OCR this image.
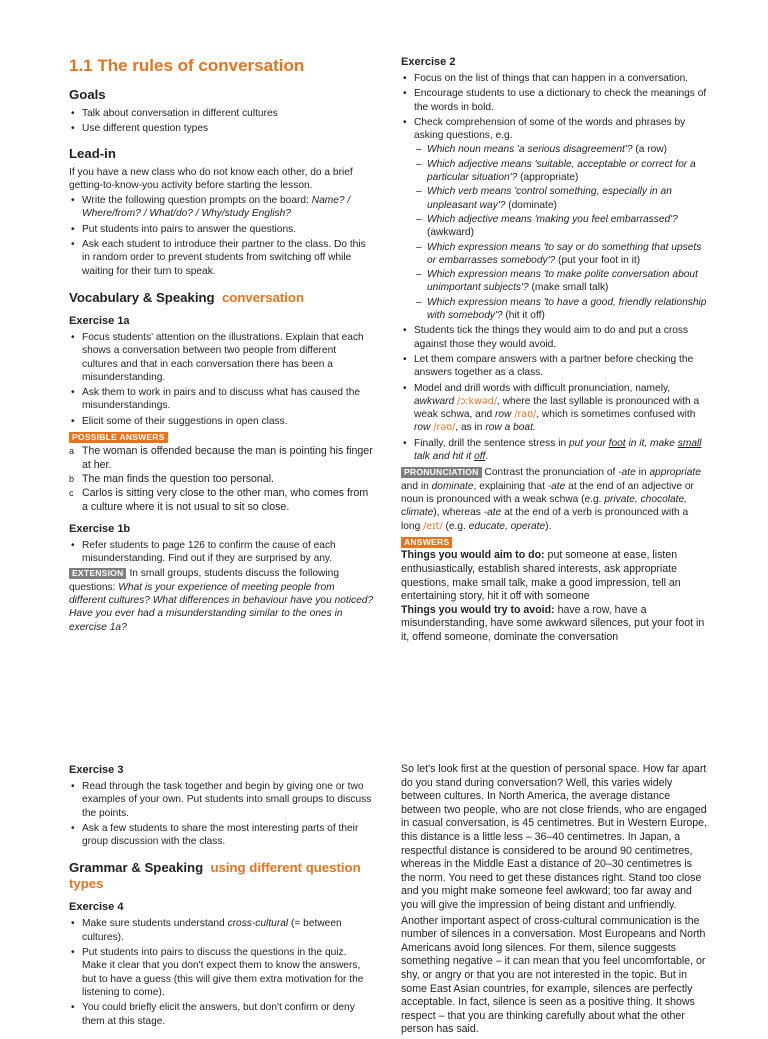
1.1 The rules of conversation
Goals
• Talk about conversation in different cultures
• Use different question types
Lead-in

If you have a new class who do not know each other, do a brief getting-to-know-you activity before starting the lesson.

• Write the following question prompts on the board: Name? / Where/from? / What/do? / Why/study English?
• Put students into pairs to answer the questions.
• Ask each student to introduce their partner to the class. Do this in random order to prevent students from switching off while waiting for their turn to speak.
Vocabulary & Speaking conversation
Exercise 1a
• Focus students' attention on the illustrations. Explain that each shows a conversation between two people from different cultures and that in each conversation there has been a misunderstanding.
• Ask them to work in pairs and to discuss what has caused the misunderstandings.
• Elicit some of their suggestions in open class.
POSSIBLE ANSWERS
a The woman is offended because the man is pointing his finger at her.
b The man finds the question too personal.
c Carlos is sitting very close to the other man, who comes from a culture where it is not usual to sit so close.
Exercise 1b
• Refer students to page 126 to confirm the cause of each misunderstanding. Find out if they are surprised by any.

EXTENSION In small groups, students discuss the following questions: What is your experience of meeting people from different cultures? What differences in behaviour have you noticed? Have you ever had a misunderstanding similar to the ones in exercise 1a?

Exercise 2
• Focus on the list of things that can happen in a conversation.
• Encourage students to use a dictionary to check the meanings of the words in bold.
• Check comprehension of some of the words and phrases by asking questions, e.g.
– Which noun means 'a serious disagreement'? (a row)
– Which adjective means 'suitable, acceptable or correct for a particular situation'? (appropriate)
– Which verb means 'control something, especially in an unpleasant way'? (dominate)
– Which adjective means 'making you feel embarrassed'? (awkward)
– Which expression means 'to say or do something that upsets or embarrasses somebody'? (put your foot in it)
– Which expression means 'to make polite conversation about unimportant subjects'? (make small talk)
– Which expression means 'to have a good, friendly relationship with somebody'? (hit it off)
• Students tick the things they would aim to do and put a cross against those they would avoid.
• Let them compare answers with a partner before checking the answers together as a class.
• Model and drill words with difficult pronunciation, namely, awkward /ɔːkwəd/, where the last syllable is pronounced with a weak schwa, and row /raʊ/, which is sometimes confused with row /rəʊ/, as in row a boat.
• Finally, drill the sentence stress in put your foot in it, make small talk and hit it off.

PRONUNCIATION Contrast the pronunciation of -ate in appropriate and in dominate, explaining that -ate at the end of an adjective or noun is pronounced with a weak schwa (e.g. private, chocolate, climate), whereas -ate at the end of a verb is pronounced with a long /eɪt/ (e.g. educate, operate).

ANSWERS
Things you would aim to do: put someone at ease, listen enthusiastically, establish shared interests, ask appropriate questions, make small talk, make a good impression, tell an entertaining story, hit it off with someone
Things you would try to avoid: have a row, have a misunderstanding, have some awkward silences, put your foot in it, offend someone, dominate the conversation
Exercise 3
• Read through the task together and begin by giving one or two examples of your own. Put students into small groups to discuss the points.
• Ask a few students to share the most interesting parts of their group discussion with the class.
Grammar & Speaking using different question types
Exercise 4
• Make sure students understand cross-cultural (= between cultures).
• Put students into pairs to discuss the questions in the quiz. Make it clear that you don't expect them to know the answers, but to have a guess (this will give them extra motivation for the listening to come).
• You could briefly elicit the answers, but don't confirm or deny them at this stage.

So let's look first at the question of personal space. How far apart do you stand during conversation? Well, this varies widely between cultures. In North America, the average distance between two people, who are not close friends, who are engaged in casual conversation, is 45 centimetres. But in Western Europe, this distance is a little less – 36–40 centimetres. In Japan, a respectful distance is considered to be around 90 centimetres, whereas in the Middle East a distance of 20–30 centimetres is the norm. You need to get these distances right. Stand too close and you might make someone feel awkward; too far away and you will give the impression of being distant and unfriendly.

Another important aspect of cross-cultural communication is the number of silences in a conversation. Most Europeans and North Americans avoid long silences. For them, silence suggests something negative – it can mean that you feel uncomfortable, or shy, or angry or that you are not interested in the topic. But in some East Asian countries, for example, silences are perfectly acceptable. In fact, silence is seen as a positive thing. It shows respect – that you are thinking carefully about what the other person has said.
